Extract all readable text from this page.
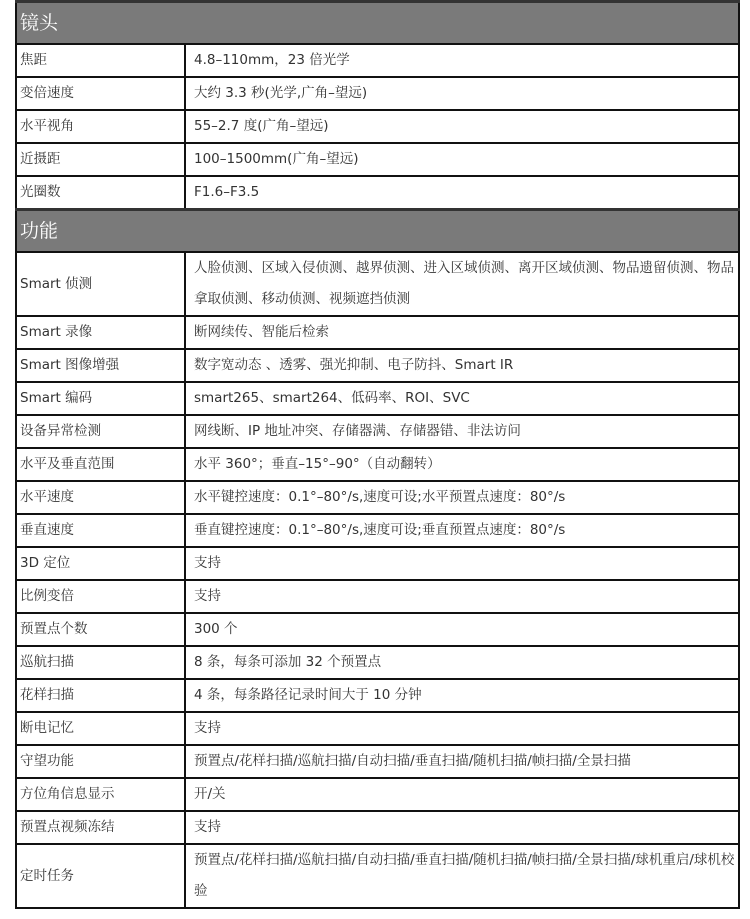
镜头	
焦距	4.8–110mm，23 倍光学
变倍速度	大约 3.3 秒(光学,广角–望远)
水平视角	55–2.7 度(广角–望远)
近摄距	100–1500mm(广角–望远)
光圈数	F1.6–F3.5
功能	
Smart 侦测	人脸侦测、区域入侵侦测、越界侦测、进入区域侦测、离开区域侦测、物品遗留侦测、物品拿取侦测、移动侦测、视频遮挡侦测
Smart 录像	断网续传、智能后检索
Smart 图像增强	数字宽动态 、透雾、强光抑制、电子防抖、Smart IR
Smart 编码	smart265、smart264、低码率、ROI、SVC
设备异常检测	网线断、IP 地址冲突、存储器满、存储器错、非法访问
水平及垂直范围	水平 360°；垂直–15°–90°（自动翻转）
水平速度	水平键控速度：0.1°–80°/s,速度可设;水平预置点速度：80°/s
垂直速度	垂直键控速度：0.1°–80°/s,速度可设;垂直预置点速度：80°/s
3D 定位	支持
比例变倍	支持
预置点个数	300 个
巡航扫描	8 条，每条可添加 32 个预置点
花样扫描	4 条，每条路径记录时间大于 10 分钟
断电记忆	支持
守望功能	预置点/花样扫描/巡航扫描/自动扫描/垂直扫描/随机扫描/帧扫描/全景扫描
方位角信息显示	开/关
预置点视频冻结	支持
定时任务	预置点/花样扫描/巡航扫描/自动扫描/垂直扫描/随机扫描/帧扫描/全景扫描/球机重启/球机校验
